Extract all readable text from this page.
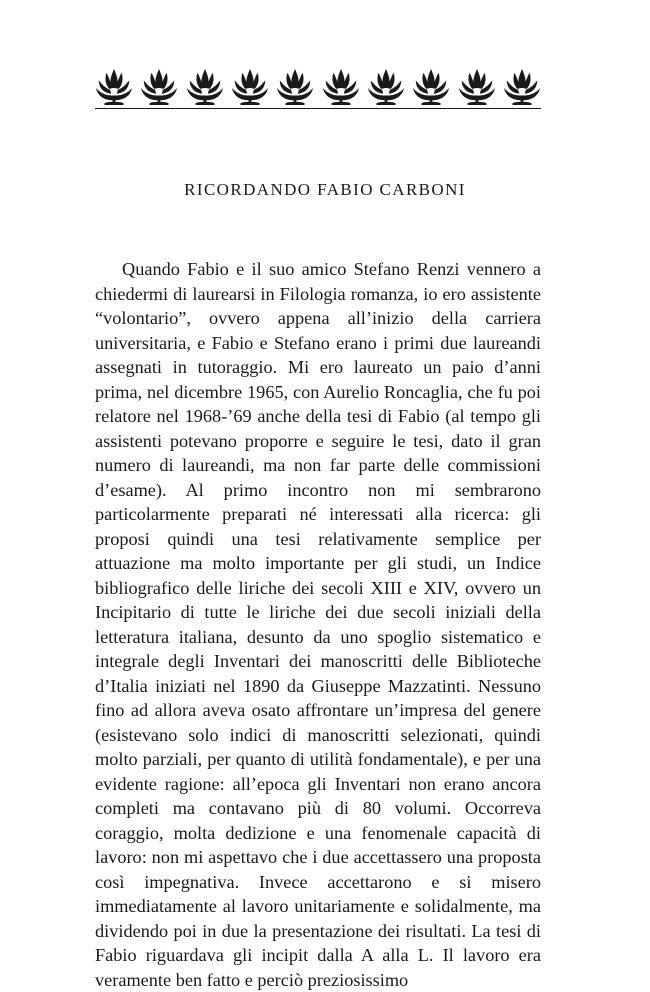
RICORDANDO FABIO CARBONI

Quando Fabio e il suo amico Stefano Renzi vennero a chiedermi di laurearsi in Filologia romanza, io ero assistente “volontario”, ovvero appena all’inizio della carriera universitaria, e Fabio e Stefano erano i primi due laureandi assegnati in tutoraggio. Mi ero laureato un paio d’anni prima, nel dicembre 1965, con Aurelio Roncaglia, che fu poi relatore nel 1968-’69 anche della tesi di Fabio (al tempo gli assistenti potevano proporre e seguire le tesi, dato il gran numero di laureandi, ma non far parte delle commissioni d’esame). Al primo incontro non mi sembrarono particolarmente preparati né interessati alla ricerca: gli proposi quindi una tesi relativamente semplice per attuazione ma molto importante per gli studi, un Indice bibliografico delle liriche dei secoli XIII e XIV, ovvero un Incipitario di tutte le liriche dei due secoli iniziali della letteratura italiana, desunto da uno spoglio sistematico e integrale degli Inventari dei manoscritti delle Biblioteche d’Italia iniziati nel 1890 da Giuseppe Mazzatinti. Nessuno fino ad allora aveva osato affrontare un’impresa del genere (esistevano solo indici di manoscritti selezionati, quindi molto parziali, per quanto di utilità fondamentale), e per una evidente ragione: all’epoca gli Inventari non erano ancora completi ma contavano più di 80 volumi. Occorreva coraggio, molta dedizione e una fenomenale capacità di lavoro: non mi aspettavo che i due accettassero una proposta così impegnativa. Invece accettarono e si misero immediatamente al lavoro unitariamente e solidalmente, ma dividendo poi in due la presentazione dei risultati. La tesi di Fabio riguardava gli incipit dalla A alla L. Il lavoro era veramente ben fatto e perciò preziosissimo
